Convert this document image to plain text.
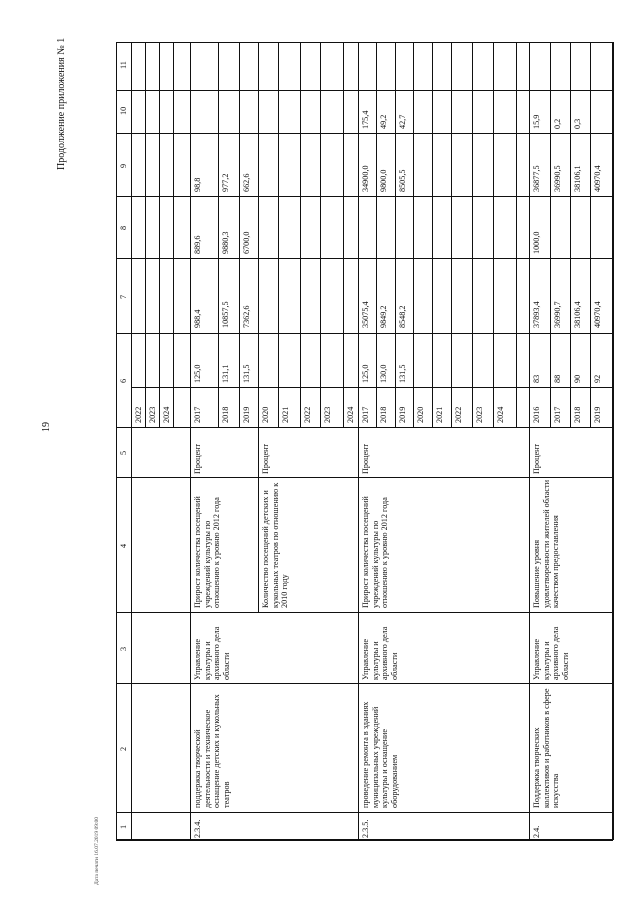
Продолжение приложения № 1
19
Дата печати 16.07.2019 09:00 1
2
3
4
5
6
7
8
9
10
11
2022 2023 2024
2.3.4.
поддержка творческой деятельности и техническое оснащение детских и кукольных театров
Управление культуры и архивного дела области
Прирост количества посещений учреждений культуры по отношению к уровню 2012 года
Процент
Количество посещений детских и кукольных театров по отношению к 2010 году
Процент
2017
125,0
988,4
889,6
98,8
2018
131,1
10857,5
9880,3
977,2
2019
131,5
7362,6
6700,0
662,6
2020 2021 2022 2023 2024
2.3.5.
проведение ремонта в зданиях муниципальных учреждений культуры и оснащение оборудованием
Управление культуры и архивного дела области
Прирост количества посещений учреждений культуры по отношению к уровню 2012 года
Процент
2017
125,0
35075,4
34900,0
175,4
2018
130,0
9849,2
9800,0
49,2
2019
131,5
8548,2
8505,5
42,7
2020 2021 2022 2023 2024
2.4.
Поддержка творческих коллективов и работников в сфере искусства
Управление культуры и архивного дела области
Повышение уровня удовлетворенности жителей области качеством предоставления
Процент
2016
83
37893,4
1000,0
36877,5
15,9
2017
88
36990,7
36990,5
0,2
2018
90
38106,4
38106,1
0,3
2019
92
40970,4
40970,4
